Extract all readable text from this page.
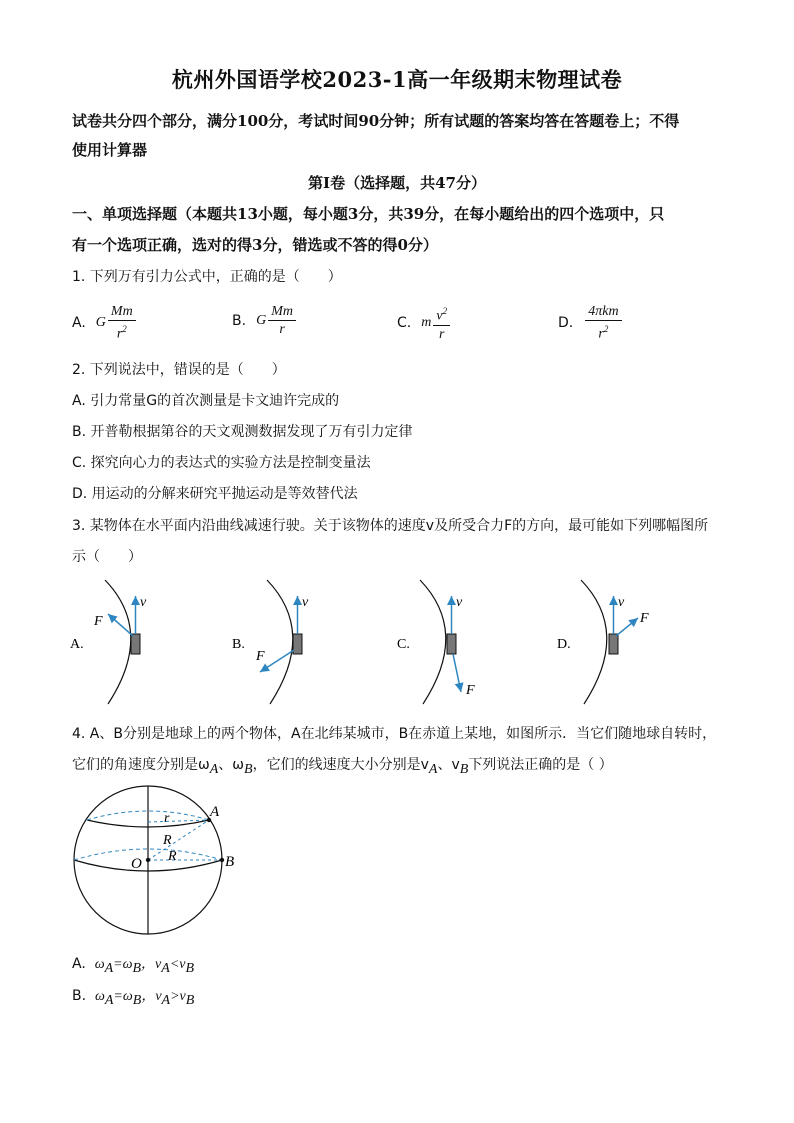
杭州外国语学校2023-1高一年级期末物理试卷
试卷共分四个部分，满分100分，考试时间90分钟；所有试题的答案均答在答题卷上；不得
使用计算器
第I卷（选择题，共47分）
一、单项选择题（本题共13小题，每小题3分，共39分，在每小题给出的四个选项中，只
有一个选项正确，选对的得3分，错选或不答的得0分）
1. 下列万有引力公式中，正确的是（　　）
A. G $\frac{Mm}{r^2}$	B. G $\frac{Mm}{r}$	C. m $\frac{v^2}{r}$	D. $\frac{\text{4πkm}}{r^2}$
2. 下列说法中，错误的是（　　）
A. 引力常量G的首次测量是卡文迪许完成的
B. 开普勒根据第谷的天文观测数据发现了万有引力定律
C. 探究向心力的表达式的实验方法是控制变量法
D. 用运动的分解来研究平抛运动是等效替代法
3. 某物体在水平面内沿曲线减速行驶。关于该物体的速度v及所受合力F的方向，最可能如下列哪幅图所
示（　　）
A.
v
F
B.
v
F
C.
v
F
D.
v
F
4. A、B分别是地球上的两个物体，A在北纬某城市，B在赤道上某地，如图所示．当它们随地球自转时，
它们的角速度分别是$\omega_A$、$\omega_B$，它们的线速度大小分别是$v_A$、$v_B$下列说法正确的是（ ）
A
B
O
r
R
R
A. $\omega_A=\omega_B$，$v_A<v_B$
B. $\omega_A=\omega_B$，$v_A>v_B$
